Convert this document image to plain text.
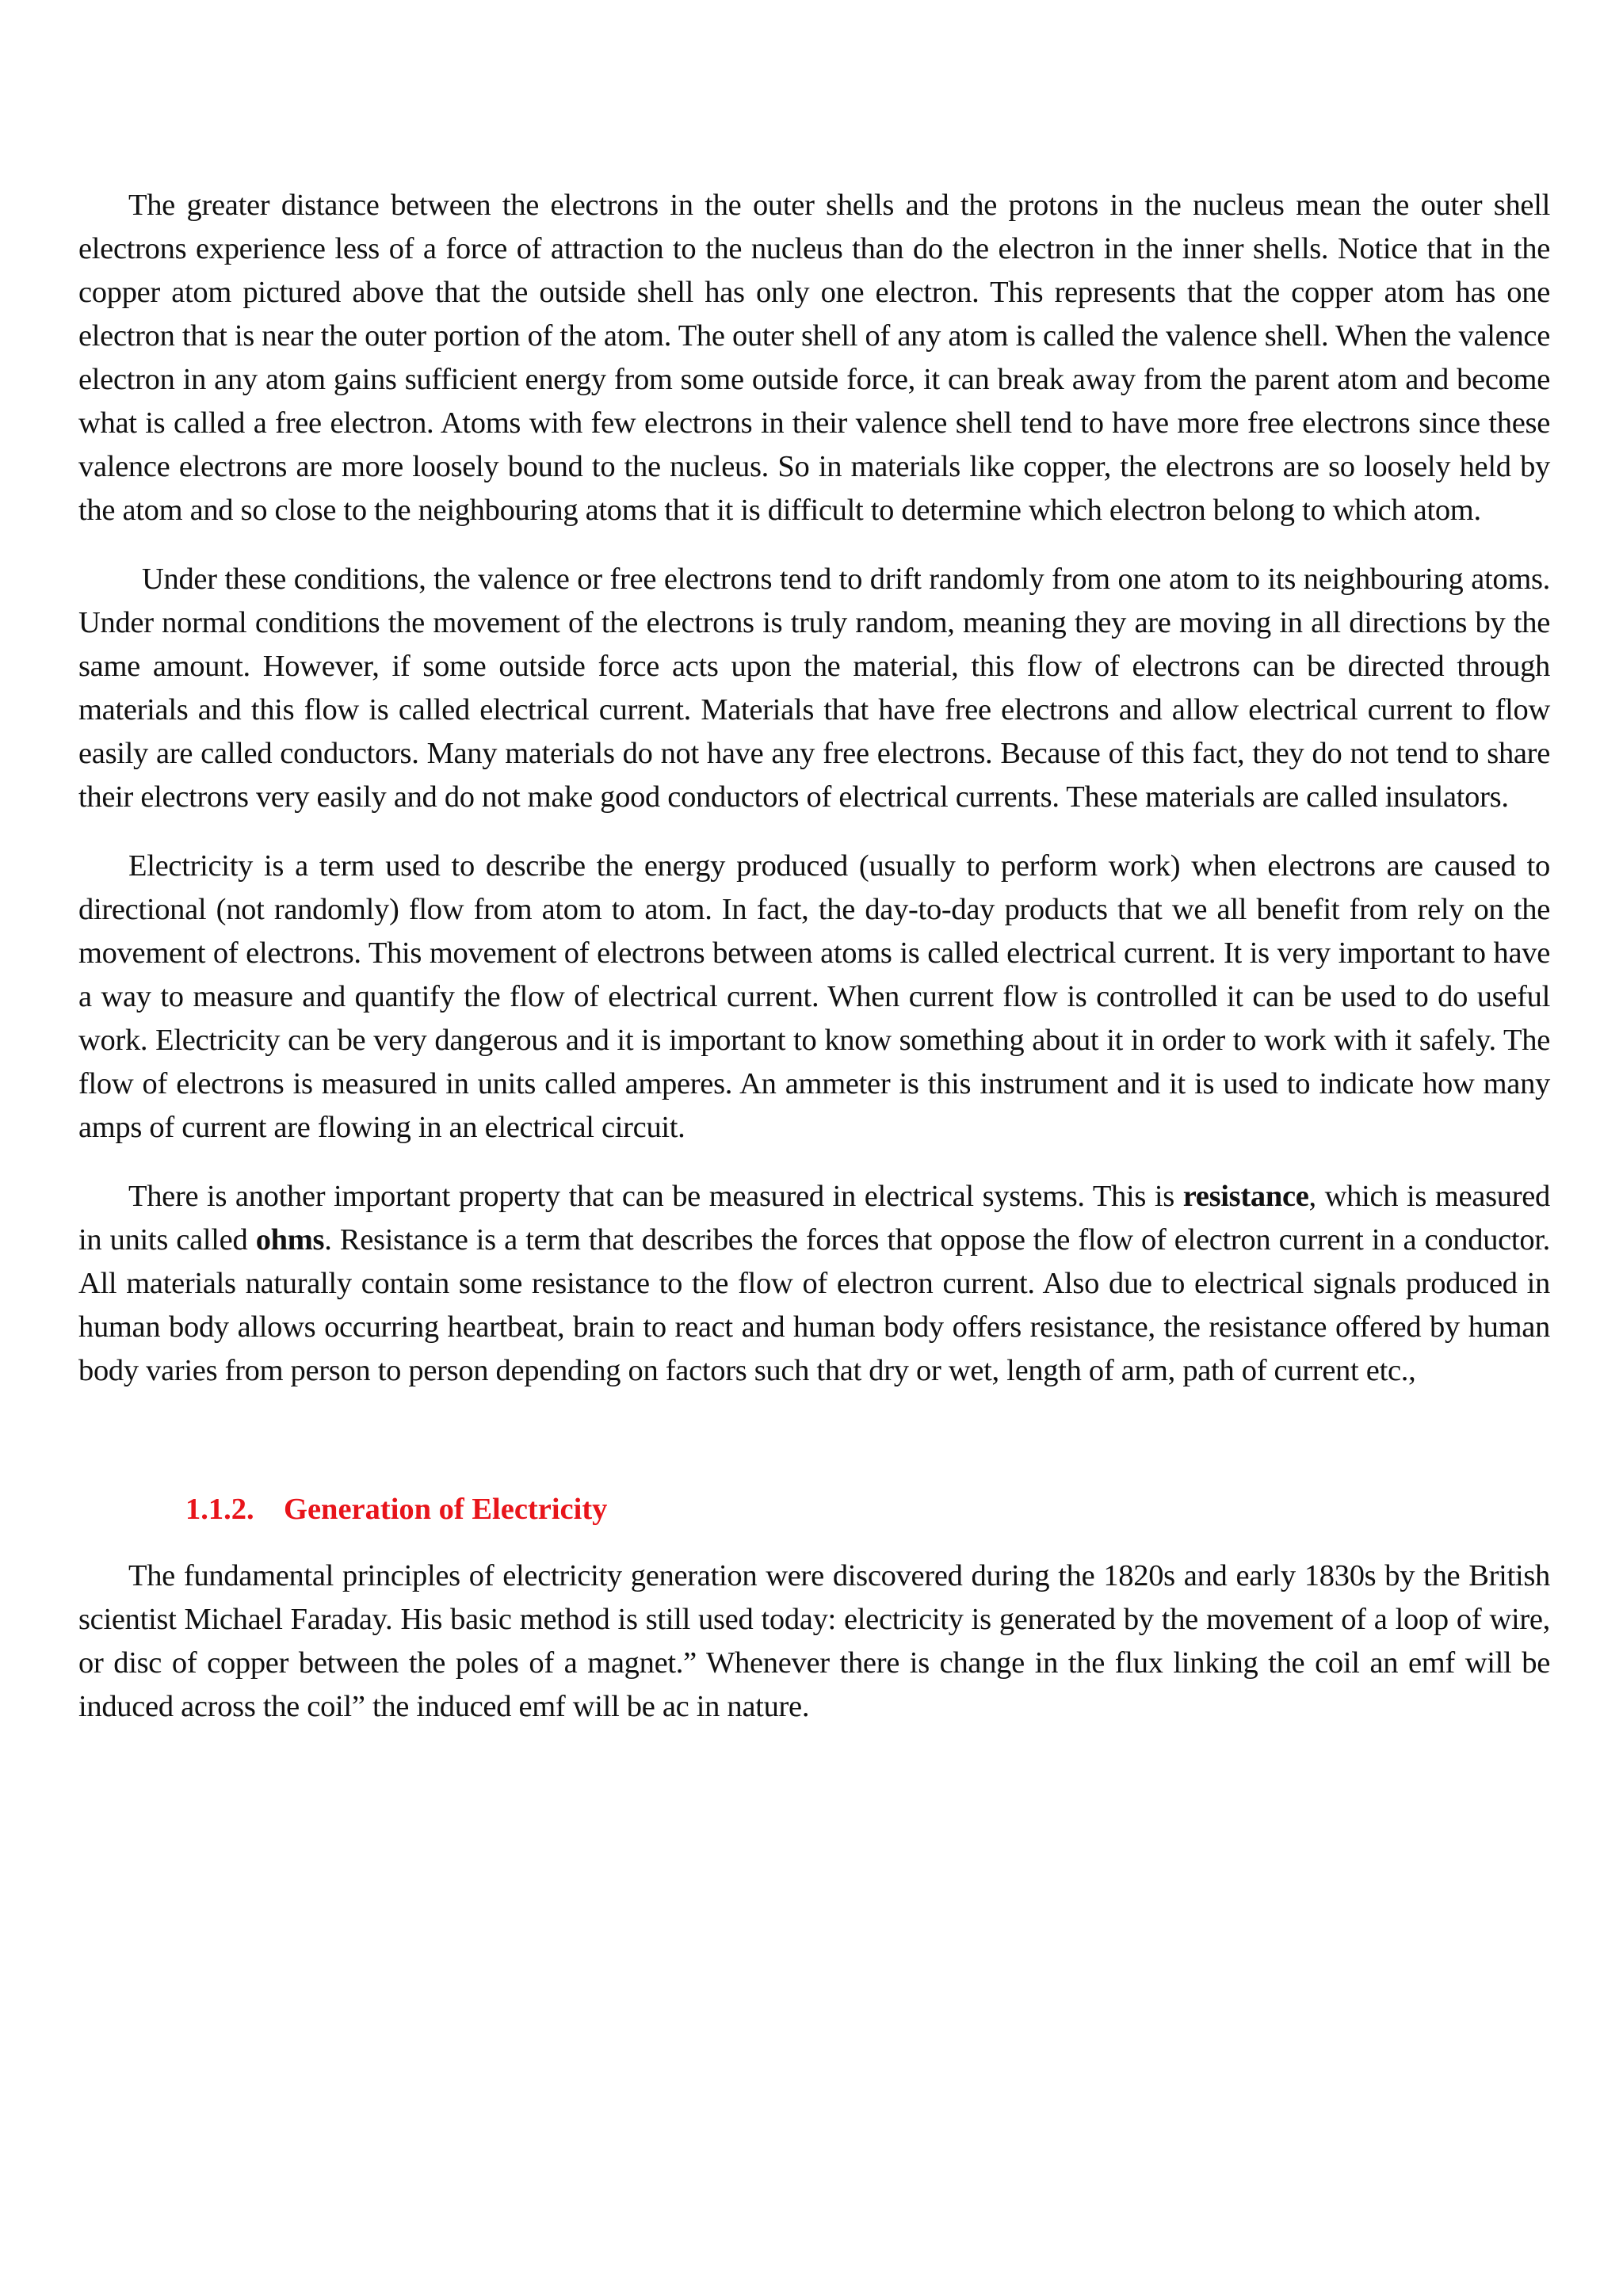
The greater distance between the electrons in the outer shells and the protons in the nucleus mean the outer shell electrons experience less of a force of attraction to the nucleus than do the electron in the inner shells. Notice that in the copper atom pictured above that the outside shell has only one electron. This represents that the copper atom has one electron that is near the outer portion of the atom. The outer shell of any atom is called the valence shell. When the valence electron in any atom gains sufficient energy from some outside force, it can break away from the parent atom and become what is called a free electron. Atoms with few electrons in their valence shell tend to have more free electrons since these valence electrons are more loosely bound to the nucleus. So in materials like copper, the electrons are so loosely held by the atom and so close to the neighbouring atoms that it is difficult to determine which electron belong to which atom.

Under these conditions, the valence or free electrons tend to drift randomly from one atom to its neighbouring atoms. Under normal conditions the movement of the electrons is truly random, meaning they are moving in all directions by the same amount. However, if some outside force acts upon the material, this flow of electrons can be directed through materials and this flow is called electrical current. Materials that have free electrons and allow electrical current to flow easily are called conductors. Many materials do not have any free electrons. Because of this fact, they do not tend to share their electrons very easily and do not make good conductors of electrical currents. These materials are called insulators.

Electricity is a term used to describe the energy produced (usually to perform work) when electrons are caused to directional (not randomly) flow from atom to atom. In fact, the day-to-day products that we all benefit from rely on the movement of electrons. This movement of electrons between atoms is called electrical current. It is very important to have a way to measure and quantify the flow of electrical current. When current flow is controlled it can be used to do useful work. Electricity can be very dangerous and it is important to know something about it in order to work with it safely. The flow of electrons is measured in units called amperes. An ammeter is this instrument and it is used to indicate how many amps of current are flowing in an electrical circuit.

There is another important property that can be measured in electrical systems. This is resistance, which is measured in units called ohms. Resistance is a term that describes the forces that oppose the flow of electron current in a conductor. All materials naturally contain some resistance to the flow of electron current. Also due to electrical signals produced in human body allows occurring heartbeat, brain to react and human body offers resistance, the resistance offered by human body varies from person to person depending on factors such that dry or wet, length of arm, path of current etc.,

1.1.2. Generation of Electricity

The fundamental principles of electricity generation were discovered during the 1820s and early 1830s by the British scientist Michael Faraday. His basic method is still used today: electricity is generated by the movement of a loop of wire, or disc of copper between the poles of a magnet.” Whenever there is change in the flux linking the coil an emf will be induced across the coil” the induced emf will be ac in nature.
